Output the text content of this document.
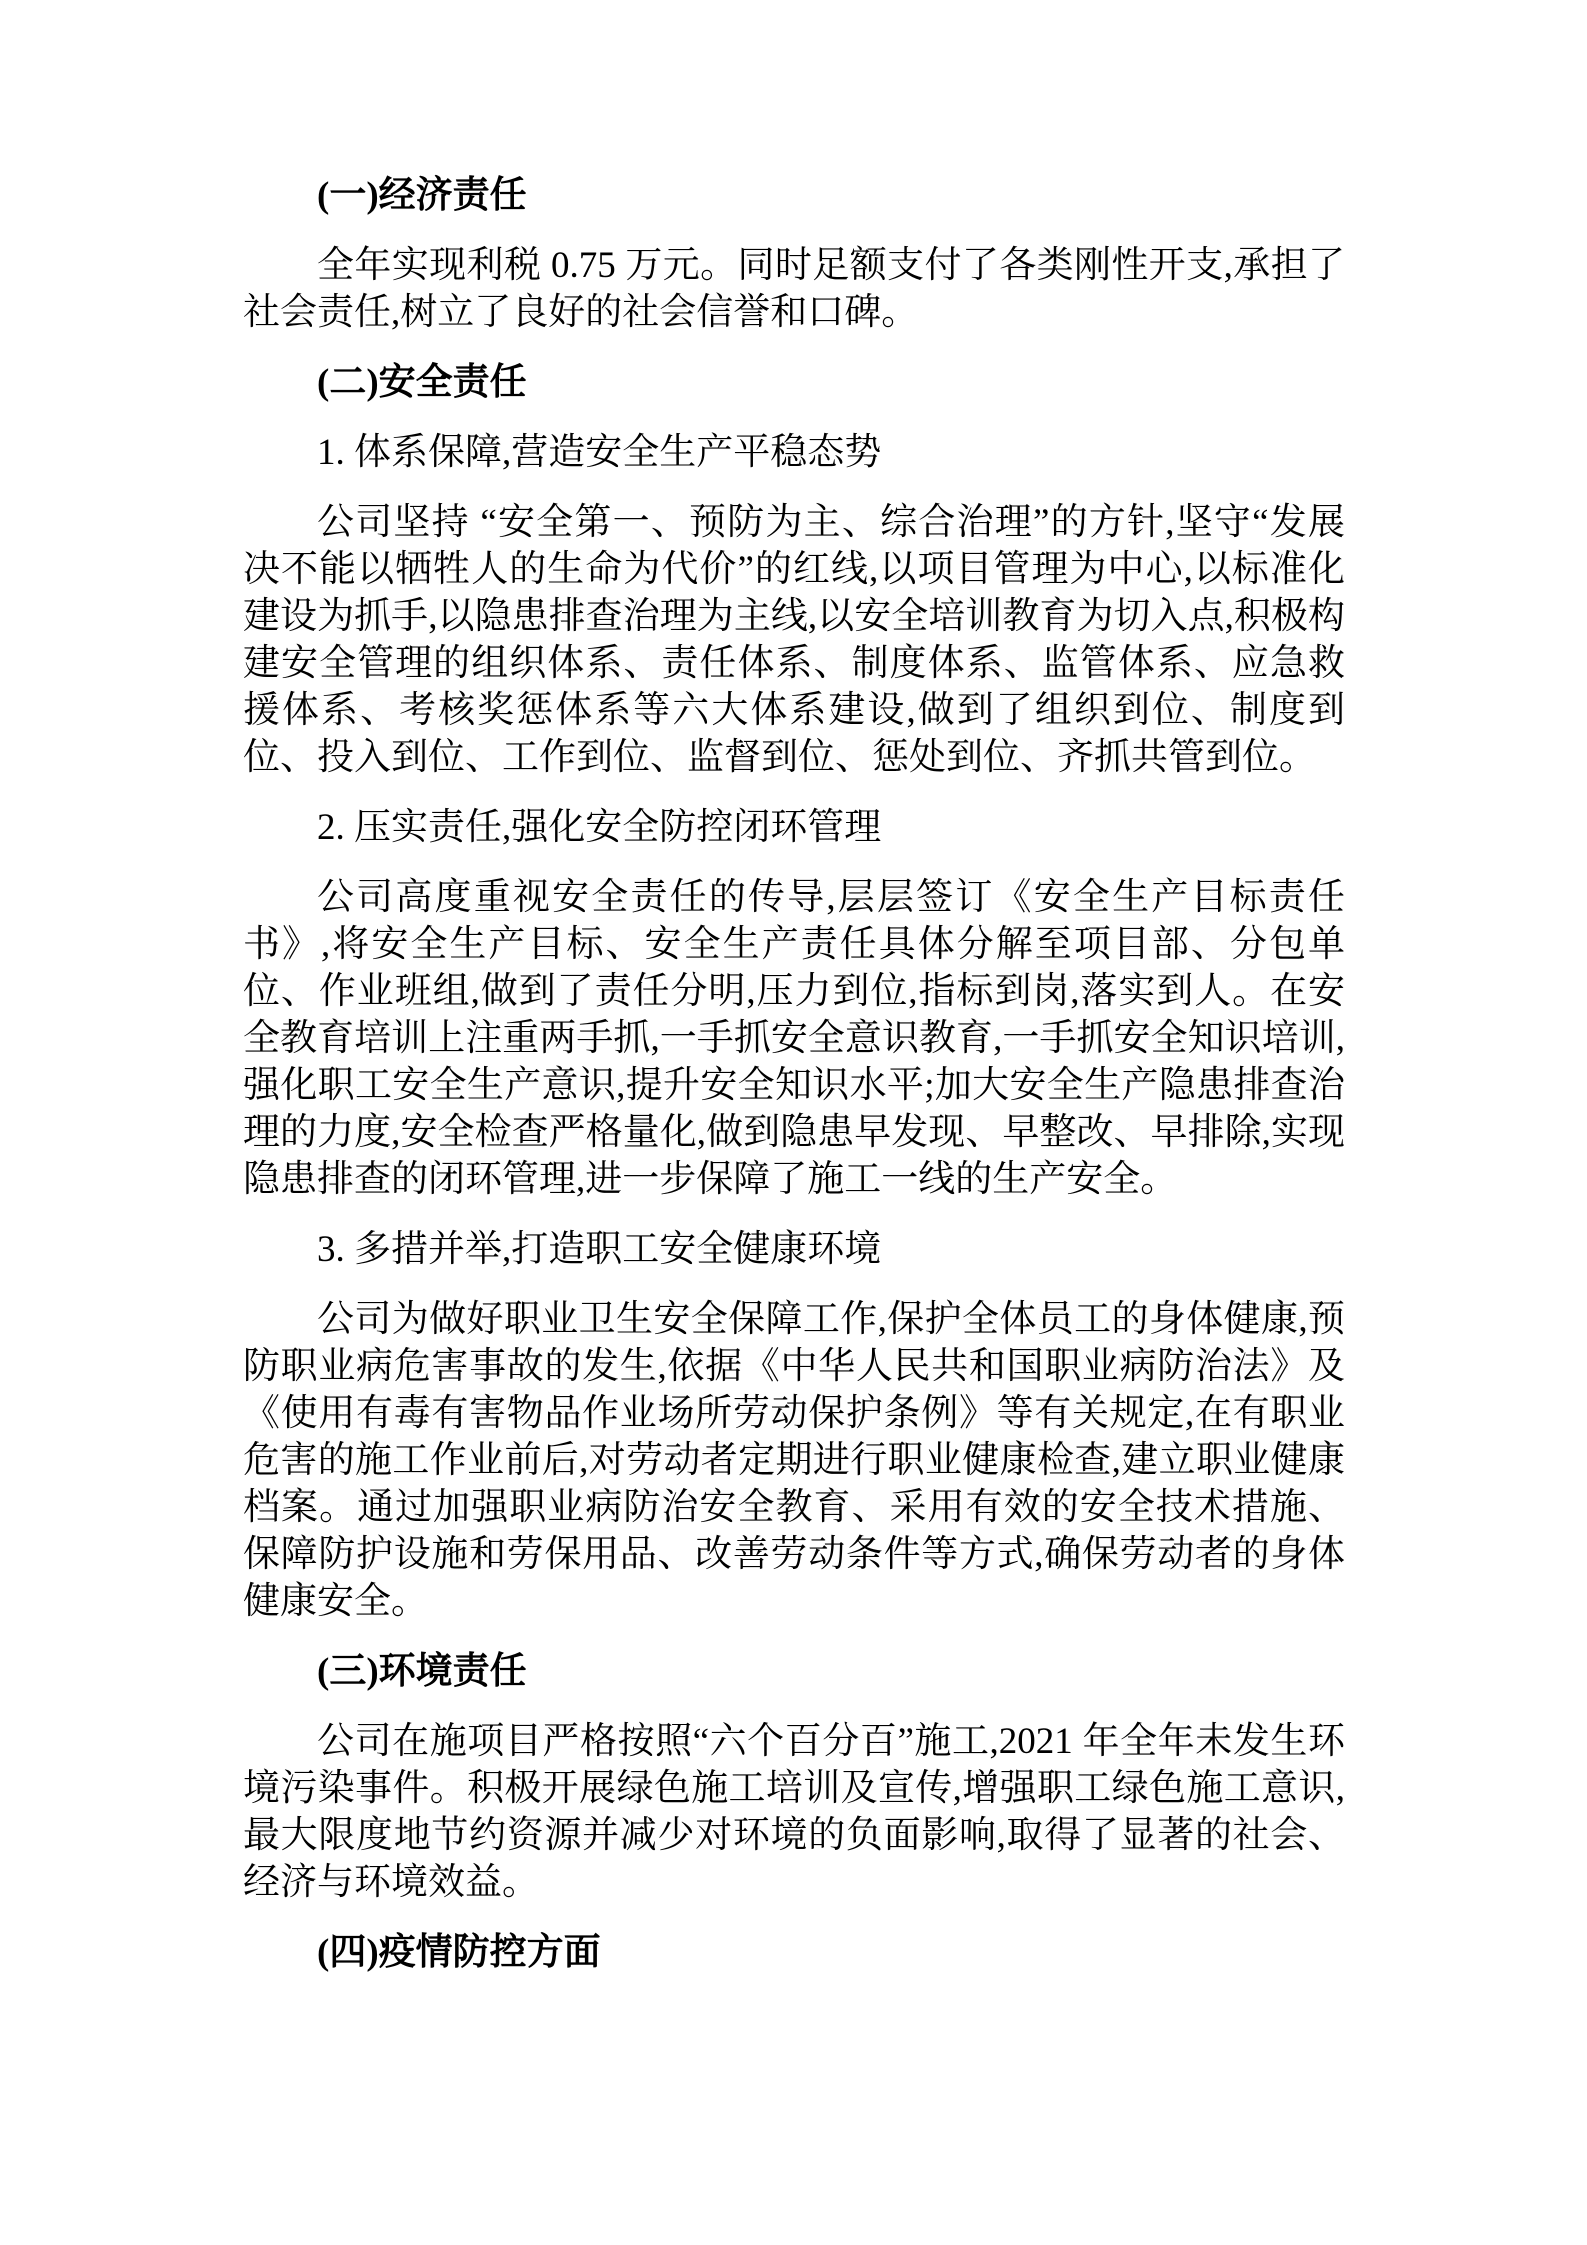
(一)经济责任

全年实现利税 0.75 万元。同时足额支付了各类刚性开支,承担了社会责任,树立了良好的社会信誉和口碑。

(二)安全责任

1. 体系保障,营造安全生产平稳态势

公司坚持 “安全第一、预防为主、综合治理”的方针,坚守“发展决不能以牺牲人的生命为代价”的红线,以项目管理为中心,以标准化建设为抓手,以隐患排查治理为主线,以安全培训教育为切入点,积极构建安全管理的组织体系、责任体系、制度体系、监管体系、应急救援体系、考核奖惩体系等六大体系建设,做到了组织到位、制度到位、投入到位、工作到位、监督到位、惩处到位、齐抓共管到位。

2. 压实责任,强化安全防控闭环管理

公司高度重视安全责任的传导,层层签订《安全生产目标责任书》,将安全生产目标、安全生产责任具体分解至项目部、分包单位、作业班组,做到了责任分明,压力到位,指标到岗,落实到人。在安全教育培训上注重两手抓,一手抓安全意识教育,一手抓安全知识培训,强化职工安全生产意识,提升安全知识水平;加大安全生产隐患排查治理的力度,安全检查严格量化,做到隐患早发现、早整改、早排除,实现隐患排查的闭环管理,进一步保障了施工一线的生产安全。

3. 多措并举,打造职工安全健康环境

公司为做好职业卫生安全保障工作,保护全体员工的身体健康,预防职业病危害事故的发生,依据《中华人民共和国职业病防治法》及《使用有毒有害物品作业场所劳动保护条例》等有关规定,在有职业危害的施工作业前后,对劳动者定期进行职业健康检查,建立职业健康档案。通过加强职业病防治安全教育、采用有效的安全技术措施、保障防护设施和劳保用品、改善劳动条件等方式,确保劳动者的身体健康安全。

(三)环境责任

公司在施项目严格按照“六个百分百”施工,2021 年全年未发生环境污染事件。积极开展绿色施工培训及宣传,增强职工绿色施工意识,最大限度地节约资源并减少对环境的负面影响,取得了显著的社会、经济与环境效益。

(四)疫情防控方面
